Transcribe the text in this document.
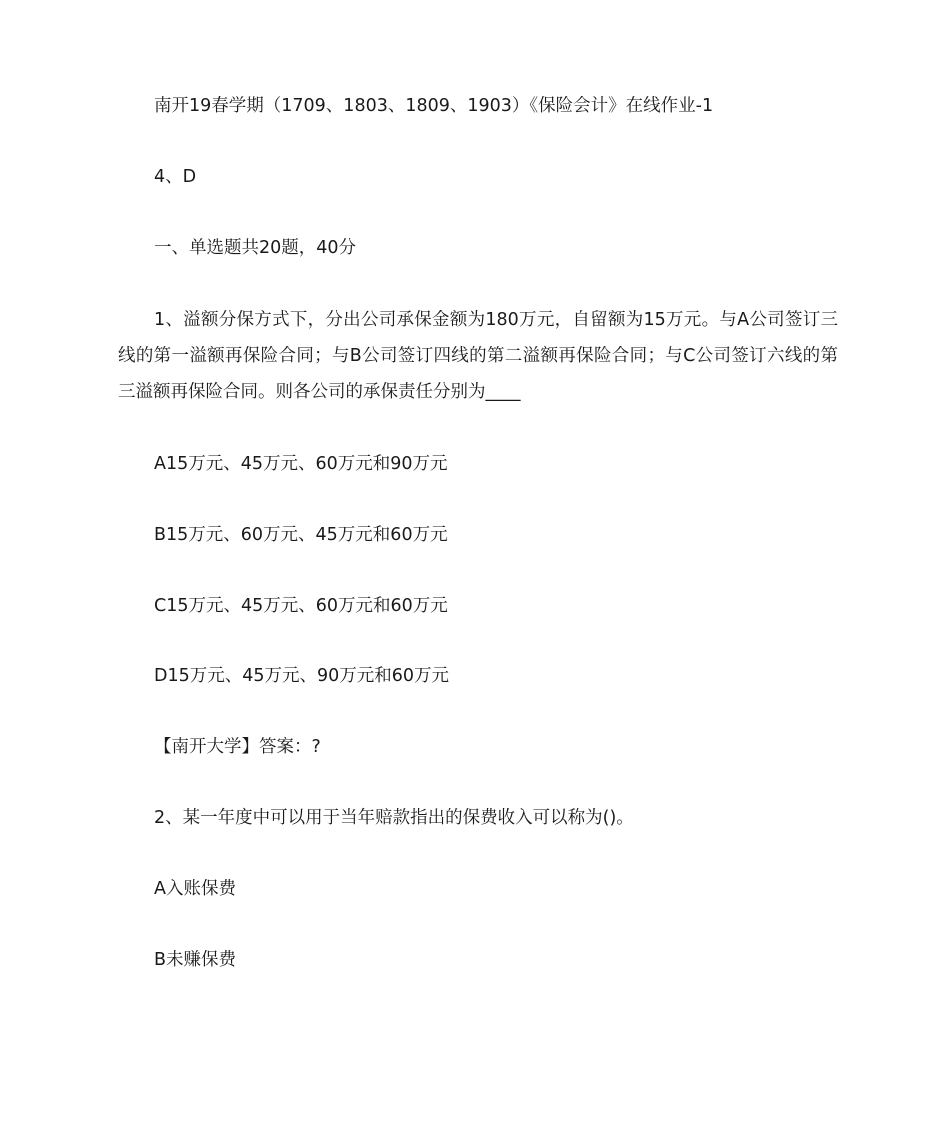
南开19春学期（1709、1803、1809、1903）《保险会计》在线作业-1
4、D
一、单选题共20题，40分

1、溢额分保方式下，分出公司承保金额为180万元，自留额为15万元。与A公司签订三线的第一溢额再保险合同；与B公司签订四线的第二溢额再保险合同；与C公司签订六线的第三溢额再保险合同。则各公司的承保责任分别为____

A15万元、45万元、60万元和90万元
B15万元、60万元、45万元和60万元
C15万元、45万元、60万元和60万元
D15万元、45万元、90万元和60万元
【南开大学】答案：?
2、某一年度中可以用于当年赔款指出的保费收入可以称为()。
A入账保费
B未赚保费
